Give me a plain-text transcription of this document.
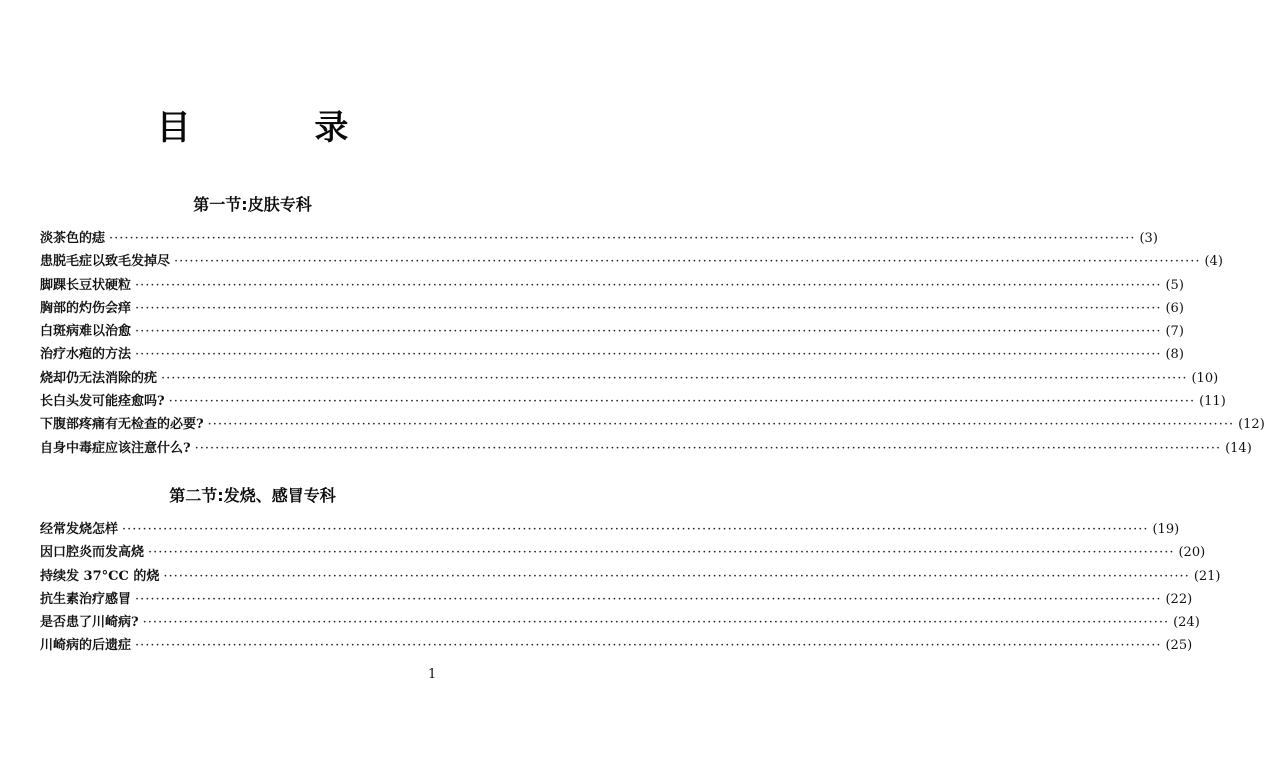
目 录
第一节:皮肤专科
淡茶色的痣 ········································································································································································································ (3)
患脱毛症以致毛发掉尽 ········································································································································································································ (4)
脚踝长豆状硬粒 ········································································································································································································ (5)
胸部的灼伤会痒 ········································································································································································································ (6)
白斑病难以治愈 ········································································································································································································ (7)
治疗水疱的方法 ········································································································································································································ (8)
烧却仍无法消除的疣 ········································································································································································································ (10)
长白头发可能痊愈吗? ········································································································································································································ (11)
下腹部疼痛有无检查的必要? ········································································································································································································ (12)
自身中毒症应该注意什么? ········································································································································································································ (14)
第二节:发烧、感冒专科
经常发烧怎样 ········································································································································································································ (19)
因口腔炎而发高烧 ········································································································································································································ (20)
持续发 37°CC 的烧 ········································································································································································································ (21)
抗生素治疗感冒 ········································································································································································································ (22)
是否患了川崎病? ········································································································································································································ (24)
川崎病的后遗症 ········································································································································································································ (25)
1
